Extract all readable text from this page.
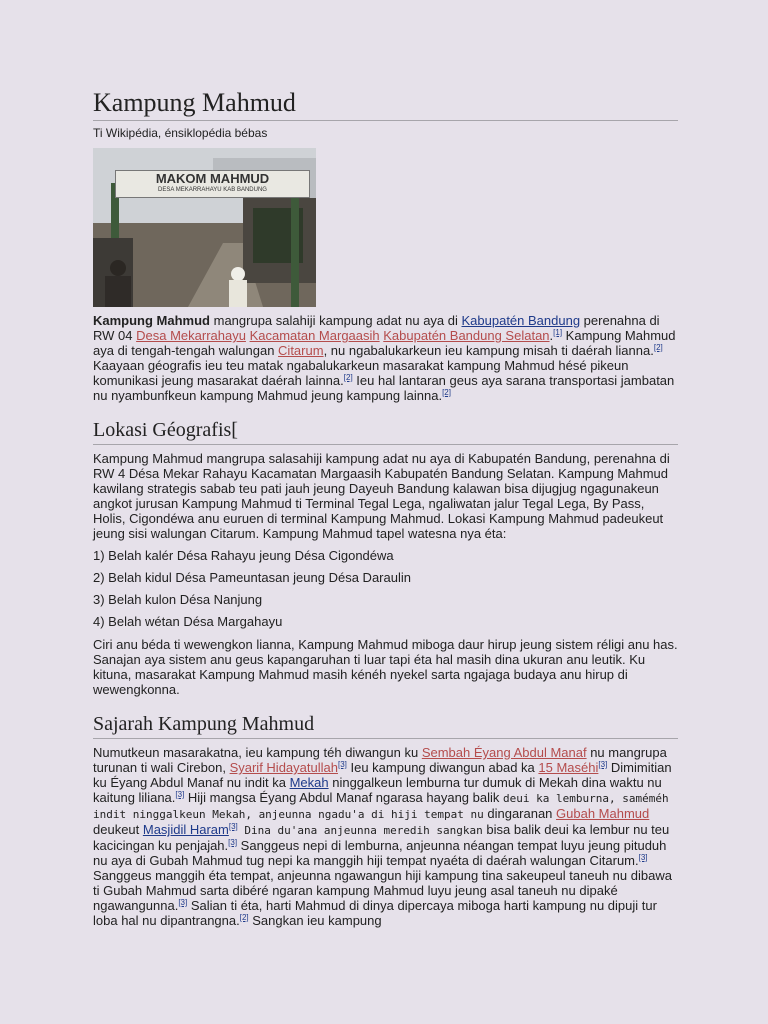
Kampung Mahmud
Ti Wikipédia, énsiklopédia bébas
MAKOM MAHMUD
DESA MEKARRAHAYU KAB BANDUNG

Kampung Mahmud mangrupa salahiji kampung adat nu aya di Kabupatén Bandung perenahna di RW 04 Desa Mekarrahayu Kacamatan Margaasih Kabupatén Bandung Selatan.[1] Kampung Mahmud aya di tengah-tengah walungan Citarum, nu ngabalukarkeun ieu kampung misah ti daérah lianna.[2] Kaayaan géografis ieu teu matak ngabalukarkeun masarakat kampung Mahmud hésé pikeun komunikasi jeung masarakat daérah lainna.[2] Ieu hal lantaran geus aya sarana transportasi jambatan nu nyambunfkeun kampung Mahmud jeung kampung lainna.[2]

Lokasi Géografis[

Kampung Mahmud mangrupa salasahiji kampung adat nu aya di Kabupatén Bandung, perenahna di RW 4 Désa Mekar Rahayu Kacamatan Margaasih Kabupatén Bandung Selatan. Kampung Mahmud kawilang strategis sabab teu pati jauh jeung Dayeuh Bandung kalawan bisa dijugjug ngagunakeun angkot jurusan Kampung Mahmud ti Terminal Tegal Lega, ngaliwatan jalur Tegal Lega, By Pass, Holis, Cigondéwa anu euruen di terminal Kampung Mahmud. Lokasi Kampung Mahmud padeukeut jeung sisi walungan Citarum. Kampung Mahmud tapel watesna nya éta:

1) Belah kalér Désa Rahayu jeung Désa Cigondéwa
2) Belah kidul Désa Pameuntasan jeung Désa Daraulin
3) Belah kulon Désa Nanjung
4) Belah wétan Désa Margahayu

Ciri anu béda ti wewengkon lianna, Kampung Mahmud miboga daur hirup jeung sistem réligi anu has. Sanajan aya sistem anu geus kapangaruhan ti luar tapi éta hal masih dina ukuran anu leutik. Ku kituna, masarakat Kampung Mahmud masih kénéh nyekel sarta ngajaga budaya anu hirup di wewengkonna.

Sajarah Kampung Mahmud

Numutkeun masarakatna, ieu kampung téh diwangun ku Sembah Éyang Abdul Manaf nu mangrupa turunan ti wali Cirebon, Syarif Hidayatullah[3] Ieu kampung diwangun abad ka 15 Maséhi[3] Dimimitian ku Éyang Abdul Manaf nu indit ka Mekah ninggalkeun lemburna tur dumuk di Mekah dina waktu nu kaitung liliana.[3] Hiji mangsa Éyang Abdul Manaf ngarasa hayang balik deui ka lemburna, saméméh indit ninggalkeun Mekah, anjeunna ngadu'a di hiji tempat nu dingaranan Gubah Mahmud deukeut Masjidil Haram[3] Dina du'ana anjeunna meredih sangkan bisa balik deui ka lembur nu teu kacicingan ku penjajah.[3] Sanggeus nepi di lemburna, anjeunna néangan tempat luyu jeung pituduh nu aya di Gubah Mahmud tug nepi ka manggih hiji tempat nyaéta di daérah walungan Citarum.[3] Sanggeus manggih éta tempat, anjeunna ngawangun hiji kampung tina sakeupeul taneuh nu dibawa ti Gubah Mahmud sarta dibéré ngaran kampung Mahmud luyu jeung asal taneuh nu dipaké ngawangunna.[3] Salian ti éta, harti Mahmud di dinya dipercaya miboga harti kampung nu dipuji tur loba hal nu dipantrangna.[2] Sangkan ieu kampung
